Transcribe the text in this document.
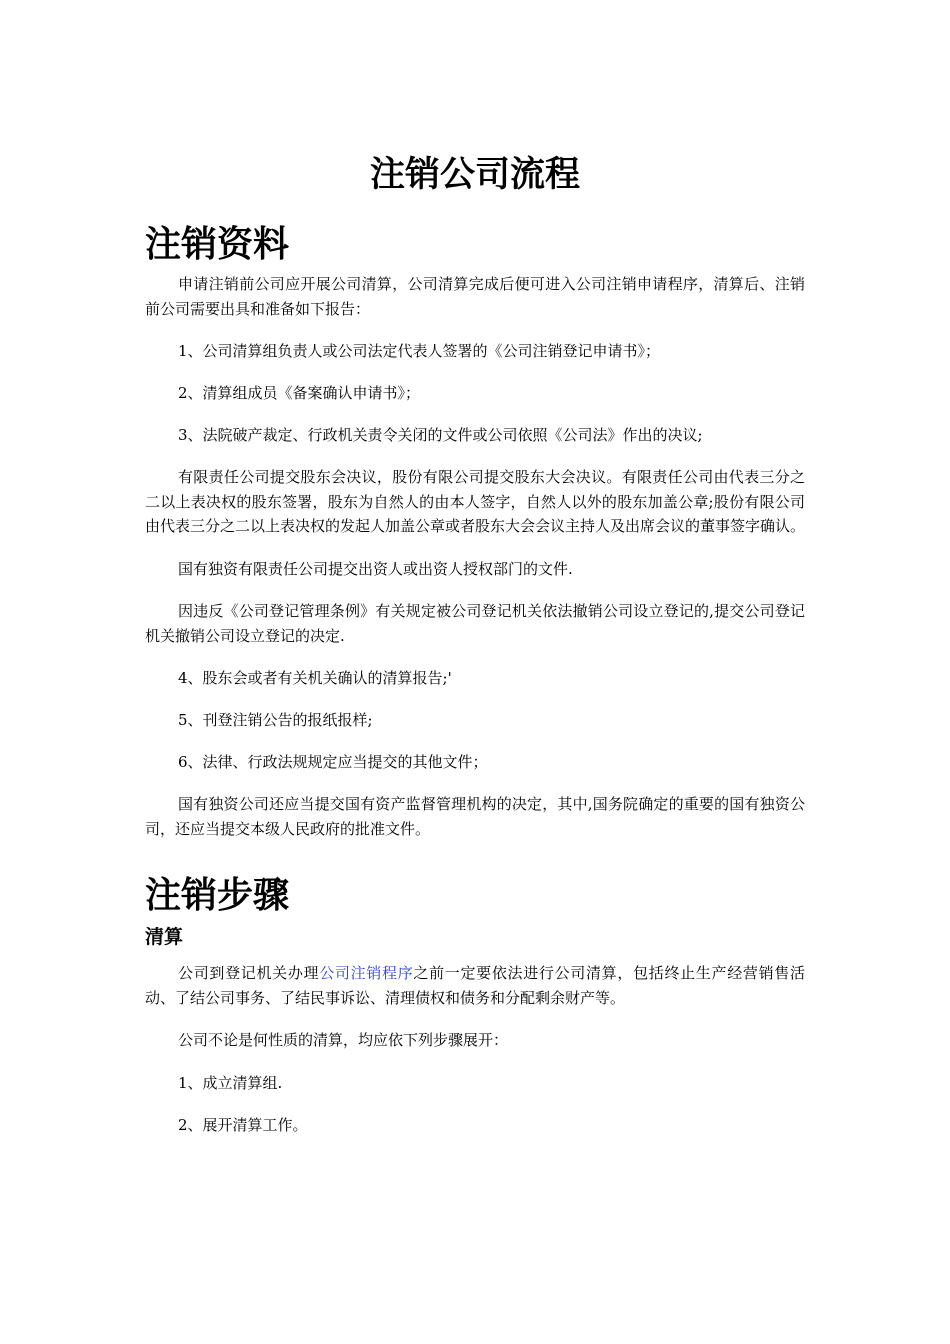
注销公司流程
注销资料

申请注销前公司应开展公司清算，公司清算完成后便可进入公司注销申请程序，清算后、注销前公司需要出具和准备如下报告：

1、公司清算组负责人或公司法定代表人签署的《公司注销登记申请书》；

2、清算组成员《备案确认申请书》；

3、法院破产裁定、行政机关责令关闭的文件或公司依照《公司法》作出的决议;

有限责任公司提交股东会决议，股份有限公司提交股东大会决议。有限责任公司由代表三分之二以上表决权的股东签署，股东为自然人的由本人签字，自然人以外的股东加盖公章;股份有限公司由代表三分之二以上表决权的发起人加盖公章或者股东大会会议主持人及出席会议的董事签字确认。

国有独资有限责任公司提交出资人或出资人授权部门的文件.

因违反《公司登记管理条例》有关规定被公司登记机关依法撤销公司设立登记的,提交公司登记机关撤销公司设立登记的决定.

4、股东会或者有关机关确认的清算报告;'

5、刊登注销公告的报纸报样;

6、法律、行政法规规定应当提交的其他文件；

国有独资公司还应当提交国有资产监督管理机构的决定，其中,国务院确定的重要的国有独资公司，还应当提交本级人民政府的批准文件。

注销步骤
清算

公司到登记机关办理公司注销程序之前一定要依法进行公司清算，包括终止生产经营销售活动、了结公司事务、了结民事诉讼、清理债权和债务和分配剩余财产等。

公司不论是何性质的清算，均应依下列步骤展开：

1、成立清算组.

2、展开清算工作。
